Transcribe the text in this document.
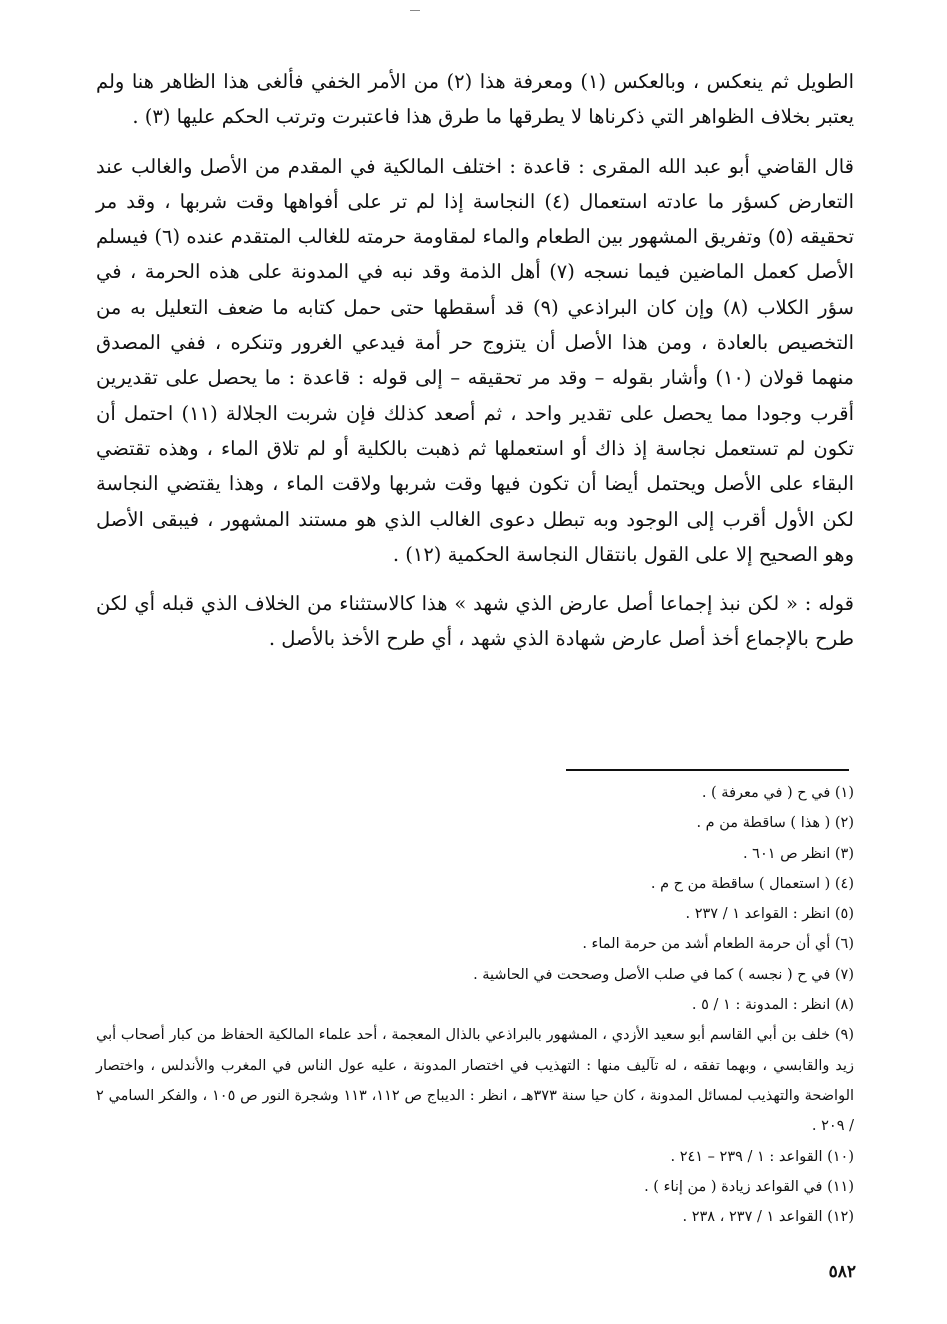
الطويل ثم ينعكس ، وبالعكس (١) ومعرفة هذا (٢) من الأمر الخفي فألغى هذا الظاهر هنا ولم يعتبر بخلاف الظواهر التي ذكرناها لا يطرقها ما طرق هذا فاعتبرت وترتب الحكم عليها (٣) .

قال القاضي أبو عبد الله المقرى : قاعدة : اختلف المالكية في المقدم من الأصل والغالب عند التعارض كسؤر ما عادته استعمال (٤) النجاسة إذا لم تر على أفواهها وقت شربها ، وقد مر تحقيقه (٥) وتفريق المشهور بين الطعام والماء لمقاومة حرمته للغالب المتقدم عنده (٦) فيسلم الأصل كعمل الماضين فيما نسجه (٧) أهل الذمة وقد نبه في المدونة على هذه الحرمة ، في سؤر الكلاب (٨) وإن كان البراذعي (٩) قد أسقطها حتى حمل كتابه ما ضعف التعليل به من التخصيص بالعادة ، ومن هذا الأصل أن يتزوج حر أمة فيدعي الغرور وتنكره ، ففي المصدق منهما قولان (١٠) وأشار بقوله – وقد مر تحقيقه – إلى قوله : قاعدة : ما يحصل على تقديرين أقرب وجودا مما يحصل على تقدير واحد ، ثم أصعد كذلك فإن شربت الجلالة (١١) احتمل أن تكون لم تستعمل نجاسة إذ ذاك أو استعملها ثم ذهبت بالكلية أو لم تلاق الماء ، وهذه تقتضي البقاء على الأصل ويحتمل أيضا أن تكون فيها وقت شربها ولاقت الماء ، وهذا يقتضي النجاسة لكن الأول أقرب إلى الوجود وبه تبطل دعوى الغالب الذي هو مستند المشهور ، فيبقى الأصل وهو الصحيح إلا على القول بانتقال النجاسة الحكمية (١٢) .

قوله : « لكن نبذ إجماعا أصل عارض الذي شهد » هذا كالاستثناء من الخلاف الذي قبله أي لكن طرح بالإجماع أخذ أصل عارض شهادة الذي شهد ، أي طرح الأخذ بالأصل .

(١) في ح ( في معرفة ) .
(٢) ( هذا ) ساقطة من م .
(٣) انظر ص ٦٠١ .
(٤) ( استعمال ) ساقطة من ح م .
(٥) انظر : القواعد ١ / ٢٣٧ .
(٦) أي أن حرمة الطعام أشد من حرمة الماء .
(٧) في ح ( نجسه ) كما في صلب الأصل وصححت في الحاشية .
(٨) انظر : المدونة : ١ / ٥ .
(٩) خلف بن أبي القاسم أبو سعيد الأزدي ، المشهور بالبراذعي بالذال المعجمة ، أحد علماء المالكية الحفاظ من كبار أصحاب أبي زيد والقابسي ، وبهما تفقه ، له تآليف منها : التهذيب في اختصار المدونة ، عليه عول الناس في المغرب والأندلس ، واختصار الواضحة والتهذيب لمسائل المدونة ، كان حيا سنة ٣٧٣هـ ، انظر : الديباج ص ١١٢، ١١٣ وشجرة النور ص ١٠٥ ، والفكر السامي ٢ / ٢٠٩ .
(١٠) القواعد : ١ / ٢٣٩ – ٢٤١ .
(١١) في القواعد زيادة ( من إناء ) .
(١٢) القواعد ١ / ٢٣٧ ، ٢٣٨ .
٥٨٢
